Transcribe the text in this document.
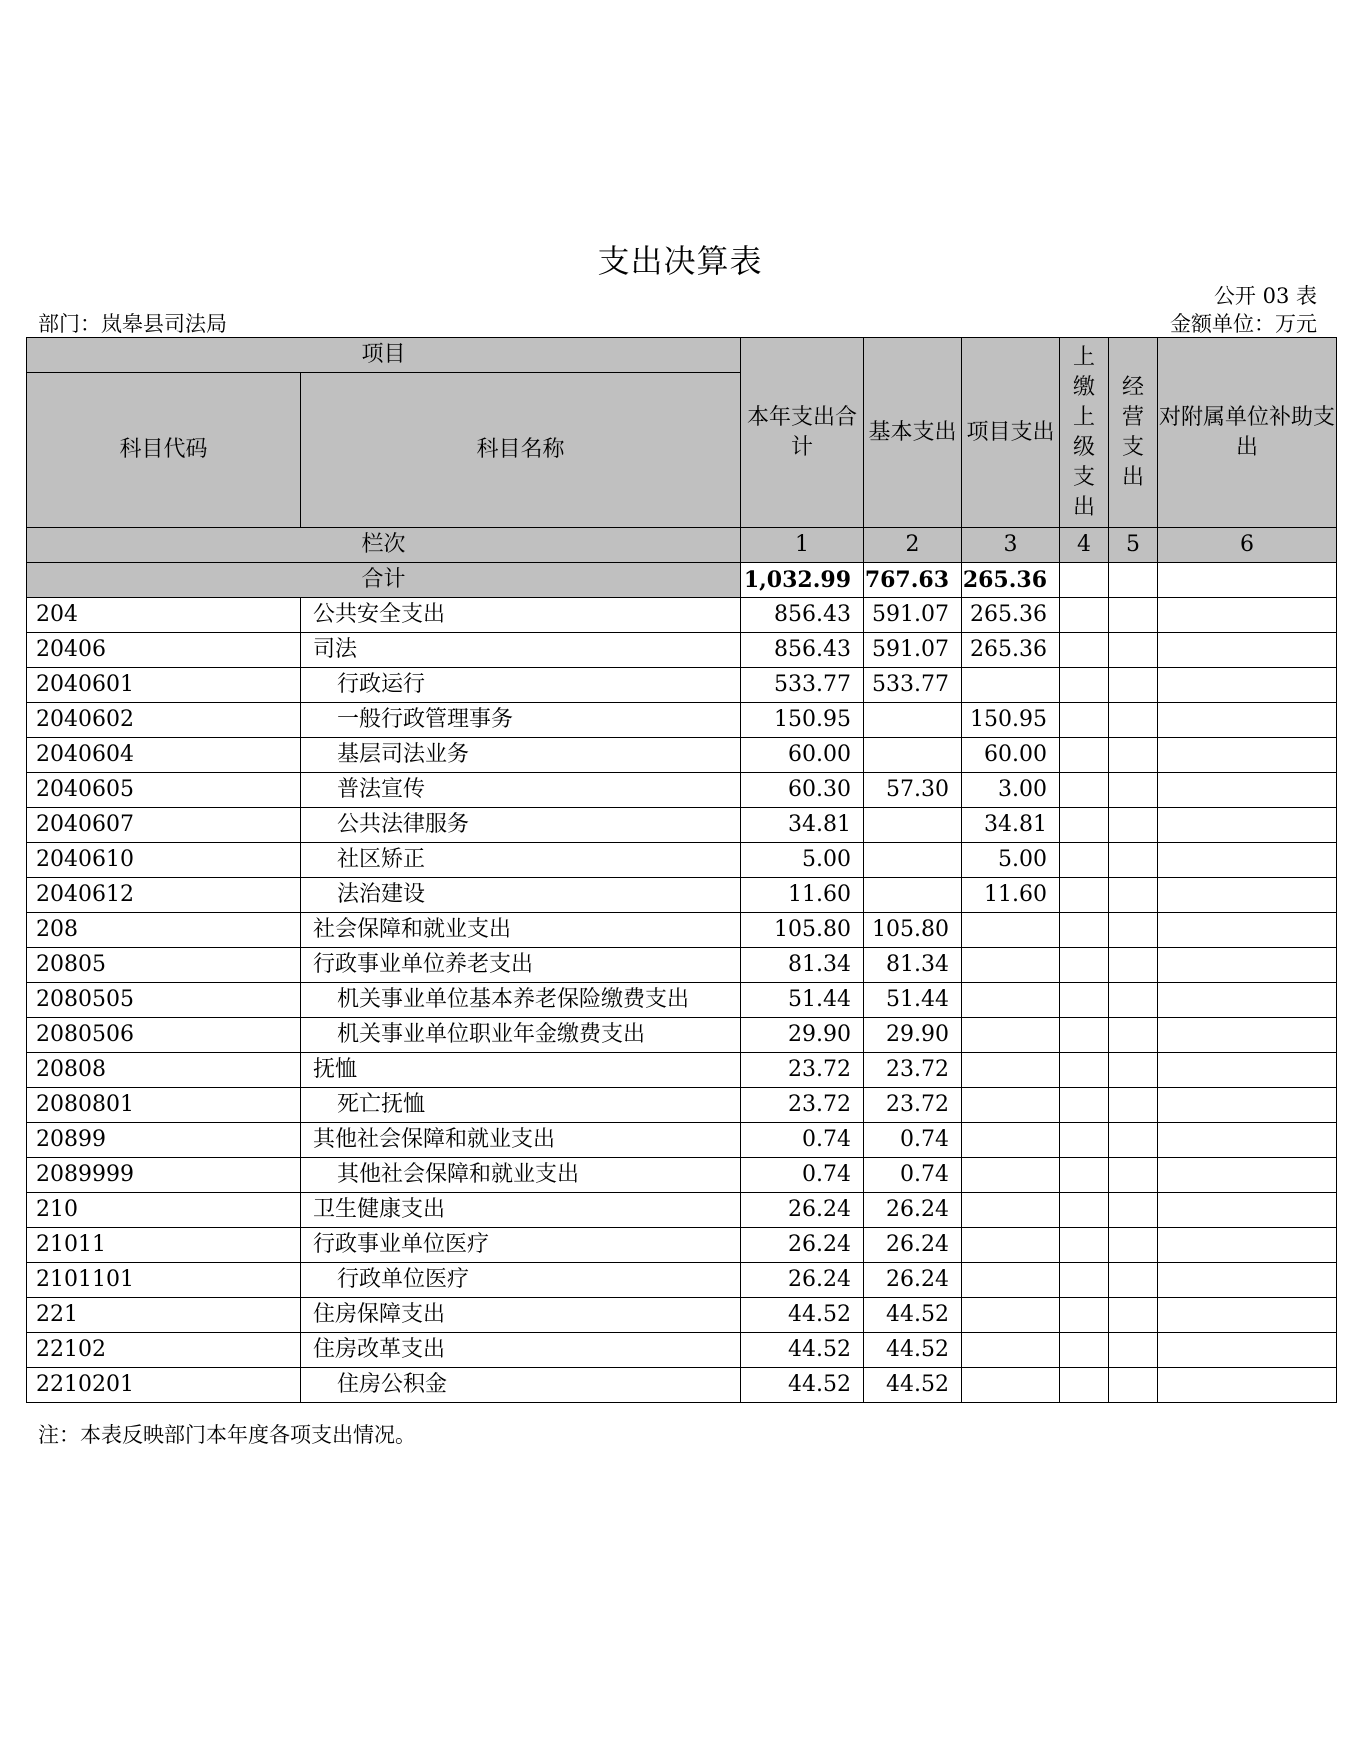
支出决算表
公开 03 表
部门：岚皋县司法局	金额单位：万元
项目		本年支出合计	基本支出	项目支出	上缴上级支出	经营支出	对附属单位补助支出
科目代码	科目名称						
栏次		1	2	3	4	5	6
合计		1,032.99	767.63	265.36			
204	公共安全支出	856.43	591.07	265.36			
20406	司法	856.43	591.07	265.36			
2040601	行政运行	533.77	533.77				
2040602	一般行政管理事务	150.95		150.95			
2040604	基层司法业务	60.00		60.00			
2040605	普法宣传	60.30	57.30	3.00			
2040607	公共法律服务	34.81		34.81			
2040610	社区矫正	5.00		5.00			
2040612	法治建设	11.60		11.60			
208	社会保障和就业支出	105.80	105.80				
20805	行政事业单位养老支出	81.34	81.34				
2080505	机关事业单位基本养老保险缴费支出	51.44	51.44				
2080506	机关事业单位职业年金缴费支出	29.90	29.90				
20808	抚恤	23.72	23.72				
2080801	死亡抚恤	23.72	23.72				
20899	其他社会保障和就业支出	0.74	0.74				
2089999	其他社会保障和就业支出	0.74	0.74				
210	卫生健康支出	26.24	26.24				
21011	行政事业单位医疗	26.24	26.24				
2101101	行政单位医疗	26.24	26.24				
221	住房保障支出	44.52	44.52				
22102	住房改革支出	44.52	44.52				
2210201	住房公积金	44.52	44.52				
注：本表反映部门本年度各项支出情况。
